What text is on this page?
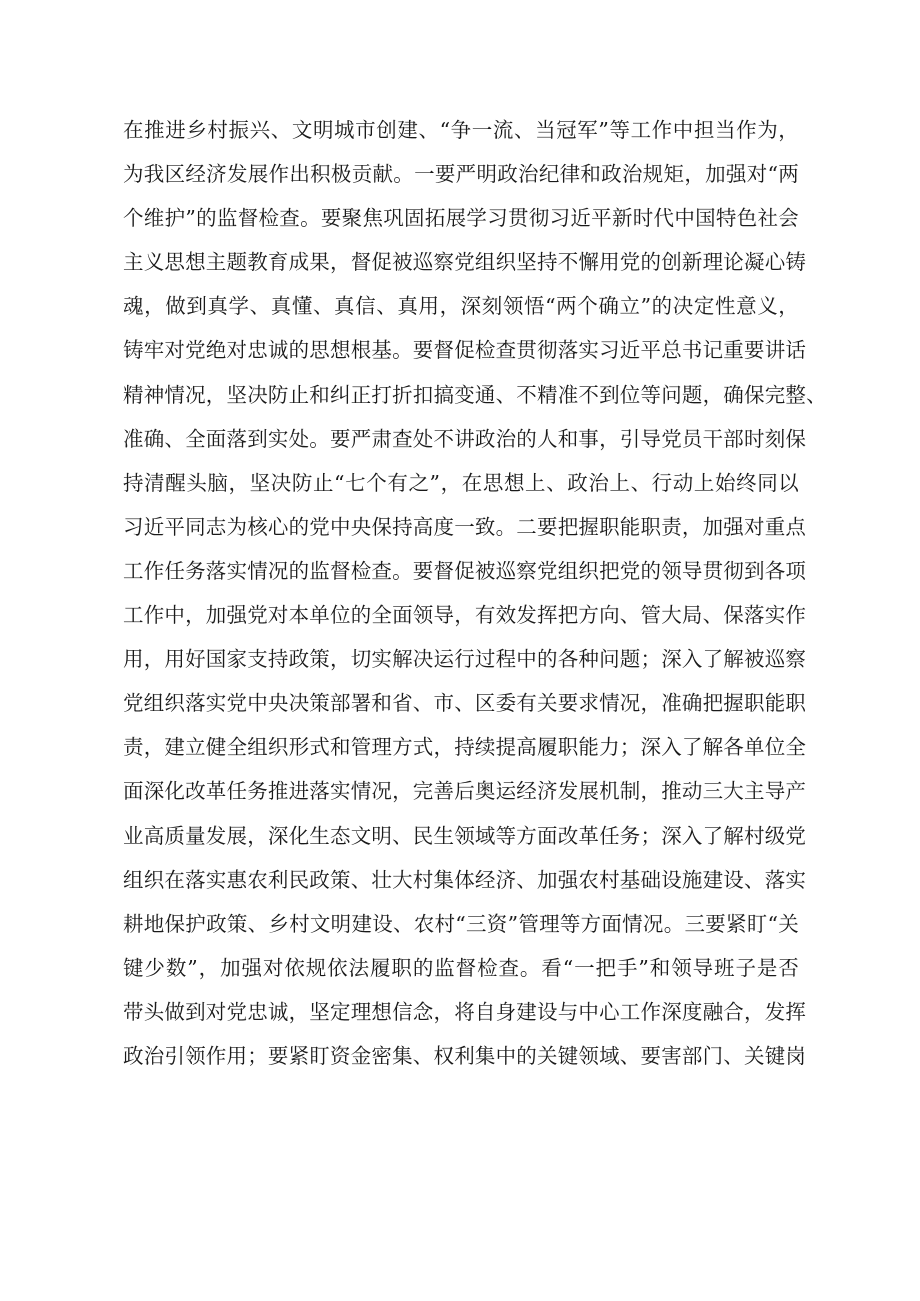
在推进乡村振兴、文明城市创建、“争一流、当冠军”等工作中担当作为，
为我区经济发展作出积极贡献。一要严明政治纪律和政治规矩，加强对“两
个维护”的监督检查。要聚焦巩固拓展学习贯彻习近平新时代中国特色社会
主义思想主题教育成果，督促被巡察党组织坚持不懈用党的创新理论凝心铸
魂，做到真学、真懂、真信、真用，深刻领悟“两个确立”的决定性意义，
铸牢对党绝对忠诚的思想根基。要督促检查贯彻落实习近平总书记重要讲话
精神情况，坚决防止和纠正打折扣搞变通、不精准不到位等问题，确保完整、
准确、全面落到实处。要严肃查处不讲政治的人和事，引导党员干部时刻保
持清醒头脑，坚决防止“七个有之”，在思想上、政治上、行动上始终同以
习近平同志为核心的党中央保持高度一致。二要把握职能职责，加强对重点
工作任务落实情况的监督检查。要督促被巡察党组织把党的领导贯彻到各项
工作中，加强党对本单位的全面领导，有效发挥把方向、管大局、保落实作
用，用好国家支持政策，切实解决运行过程中的各种问题；深入了解被巡察
党组织落实党中央决策部署和省、市、区委有关要求情况，准确把握职能职
责，建立健全组织形式和管理方式，持续提高履职能力；深入了解各单位全
面深化改革任务推进落实情况，完善后奥运经济发展机制，推动三大主导产
业高质量发展，深化生态文明、民生领域等方面改革任务；深入了解村级党
组织在落实惠农利民政策、壮大村集体经济、加强农村基础设施建设、落实
耕地保护政策、乡村文明建设、农村“三资”管理等方面情况。三要紧盯“关
键少数”，加强对依规依法履职的监督检查。看“一把手”和领导班子是否
带头做到对党忠诚，坚定理想信念，将自身建设与中心工作深度融合，发挥
政治引领作用；要紧盯资金密集、权利集中的关键领域、要害部门、关键岗
